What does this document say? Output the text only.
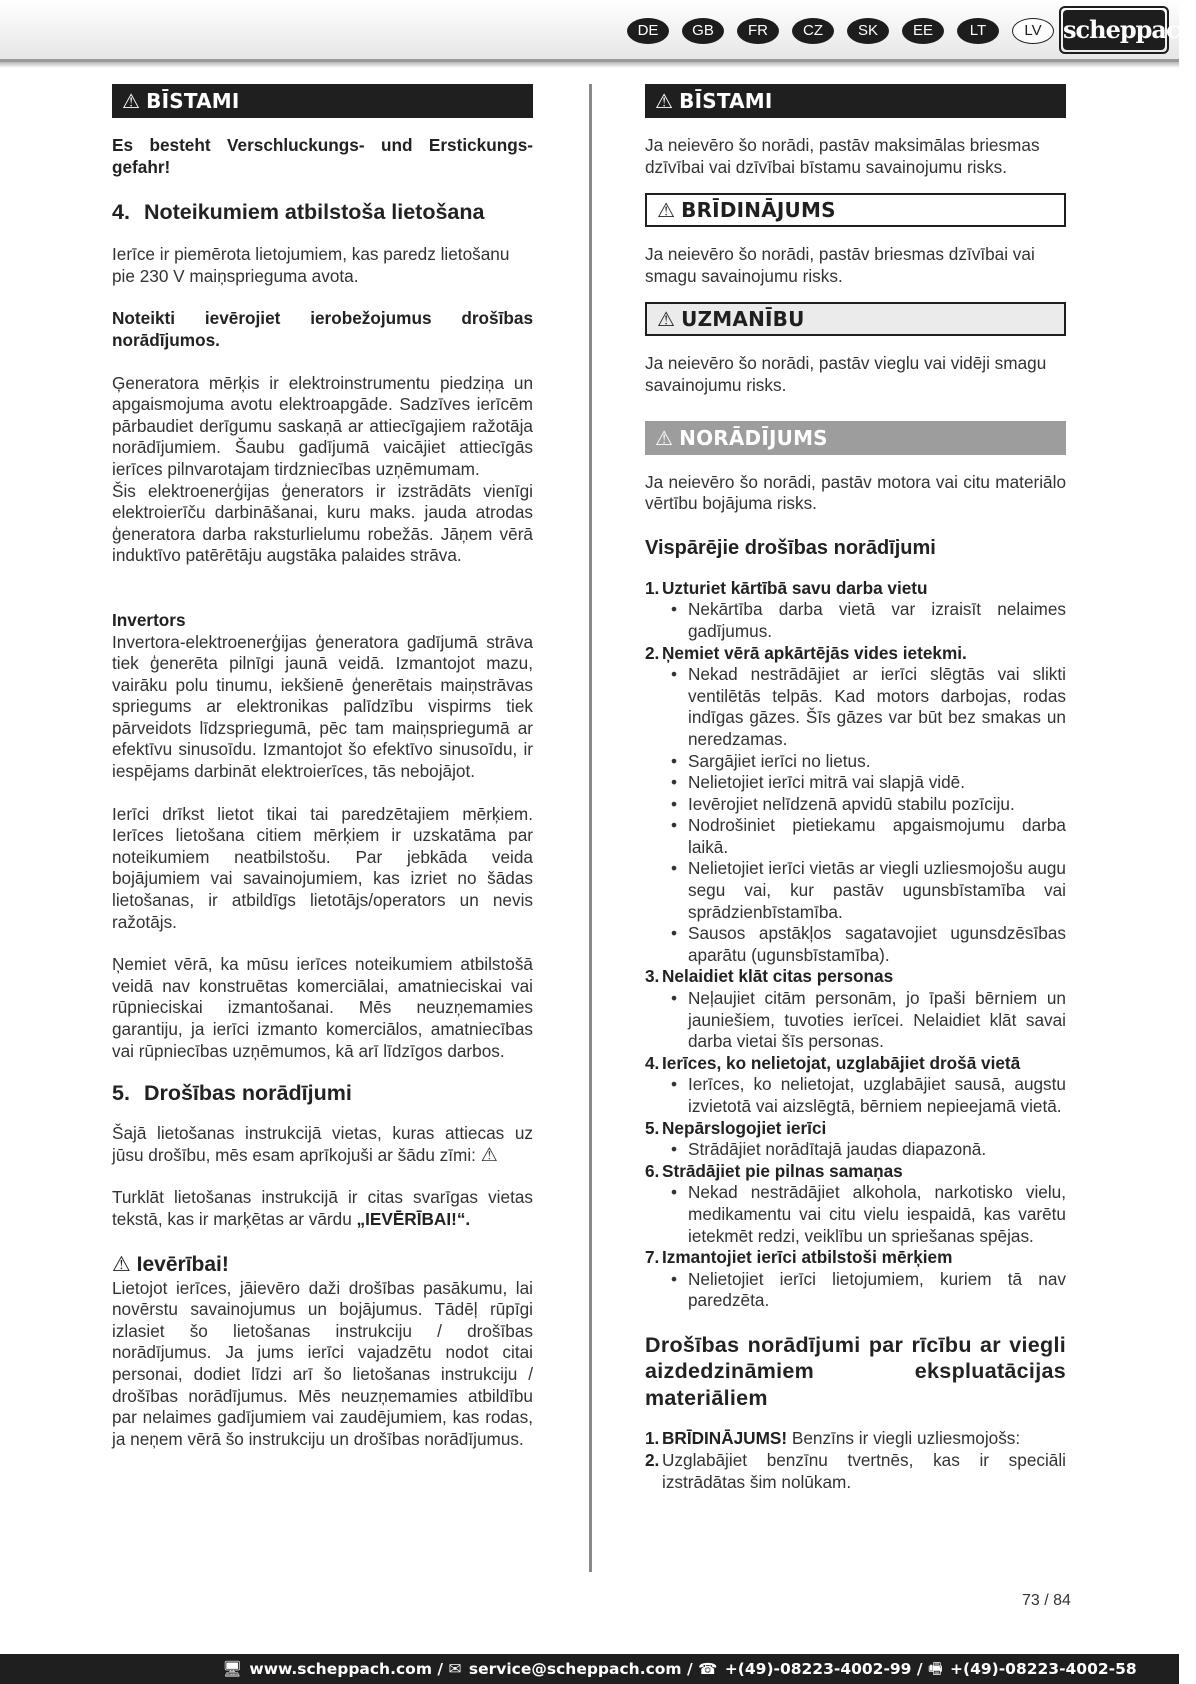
DE	GB	FR	CZ	SK	EE	LT	LV scheppach
⚠ BĪSTAMI

Es besteht Verschluckungs- und Erstickungs-gefahr!

4. Noteikumiem atbilstoša lietošana

Ierīce ir piemērota lietojumiem, kas paredz lietošanu pie 230 V maiņsprieguma avota.

Noteikti ievērojiet ierobežojumus drošības norādījumos.

Ģeneratora mērķis ir elektroinstrumentu piedziņa un apgaismojuma avotu elektroapgāde. Sadzīves ierīcēm pārbaudiet derīgumu saskaņā ar attiecīgajiem ražotāja norādījumiem. Šaubu gadījumā vaicājiet attiecīgās ierīces pilnvarotajam tirdzniecības uzņēmumam.

Šis elektroenerģijas ģenerators ir izstrādāts vienīgi elektroierīču darbināšanai, kuru maks. jauda atrodas ģeneratora darba raksturlielumu robežās. Jāņem vērā induktīvo patērētāju augstāka palaides strāva.

Invertors

Invertora-elektroenerģijas ģeneratora gadījumā strāva tiek ģenerēta pilnīgi jaunā veidā. Izmantojot mazu, vairāku polu tinumu, iekšienē ģenerētais maiņstrāvas spriegums ar elektronikas palīdzību vispirms tiek pārveidots līdzspriegumā, pēc tam maiņspriegumā ar efektīvu sinusoīdu. Izmantojot šo efektīvo sinusoīdu, ir iespējams darbināt elektroierīces, tās nebojājot.

Ierīci drīkst lietot tikai tai paredzētajiem mērķiem. Ierīces lietošana citiem mērķiem ir uzskatāma par noteikumiem neatbilstošu. Par jebkāda veida bojājumiem vai savainojumiem, kas izriet no šādas lietošanas, ir atbildīgs lietotājs/operators un nevis ražotājs.

Ņemiet vērā, ka mūsu ierīces noteikumiem atbilstošā veidā nav konstruētas komerciālai, amatnieciskai vai rūpnieciskai izmantošanai. Mēs neuzņemamies garantiju, ja ierīci izmanto komerciālos, amatniecības vai rūpniecības uzņēmumos, kā arī līdzīgos darbos.

5. Drošības norādījumi

Šajā lietošanas instrukcijā vietas, kuras attiecas uz jūsu drošību, mēs esam aprīkojuši ar šādu zīmi: ⚠

Turklāt lietošanas instrukcijā ir citas svarīgas vietas tekstā, kas ir marķētas ar vārdu „IEVĒRĪBAI!“.

⚠ Ievērībai!

Lietojot ierīces, jāievēro daži drošības pasākumu, lai novērstu savainojumus un bojājumus. Tādēļ rūpīgi izlasiet šo lietošanas instrukciju / drošības norādījumus. Ja jums ierīci vajadzētu nodot citai personai, dodiet līdzi arī šo lietošanas instrukciju / drošības norādījumus. Mēs neuzņemamies atbildību par nelaimes gadījumiem vai zaudējumiem, kas rodas, ja neņem vērā šo instrukciju un drošības norādījumus.

⚠ BĪSTAMI

Ja neievēro šo norādi, pastāv maksimālas briesmas dzīvībai vai dzīvībai bīstamu savainojumu risks.

⚠ BRĪDINĀJUMS

Ja neievēro šo norādi, pastāv briesmas dzīvībai vai smagu savainojumu risks.

⚠ UZMANĪBU

Ja neievēro šo norādi, pastāv vieglu vai vidēji smagu savainojumu risks.

⚠ NORĀDĪJUMS

Ja neievēro šo norādi, pastāv motora vai citu materiālo vērtību bojājuma risks.

Vispārējie drošības norādījumi
1. Uzturiet kārtībā savu darba vietu
• Nekārtība darba vietā var izraisīt nelaimes gadījumus.
2. Ņemiet vērā apkārtējās vides ietekmi.
• Nekad nestrādājiet ar ierīci slēgtās vai slikti ventilētās telpās. Kad motors darbojas, rodas indīgas gāzes. Šīs gāzes var būt bez smakas un neredzamas.
• Sargājiet ierīci no lietus.
• Nelietojiet ierīci mitrā vai slapjā vidē.
• Ievērojiet nelīdzenā apvidū stabilu pozīciju.
• Nodrošiniet pietiekamu apgaismojumu darba laikā.
• Nelietojiet ierīci vietās ar viegli uzliesmojošu augu segu vai, kur pastāv ugunsbīstamība vai sprādzienbīstamība.
• Sausos apstākļos sagatavojiet ugunsdzēsības aparātu (ugunsbīstamība).
3. Nelaidiet klāt citas personas
• Neļaujiet citām personām, jo īpaši bērniem un jauniešiem, tuvoties ierīcei. Nelaidiet klāt savai darba vietai šīs personas.
4. Ierīces, ko nelietojat, uzglabājiet drošā vietā
• Ierīces, ko nelietojat, uzglabājiet sausā, augstu izvietotā vai aizslēgtā, bērniem nepieejamā vietā.
5. Nepārslogojiet ierīci
• Strādājiet norādītajā jaudas diapazonā.
6. Strādājiet pie pilnas samaņas
• Nekad nestrādājiet alkohola, narkotisko vielu, medikamentu vai citu vielu iespaidā, kas varētu ietekmēt redzi, veiklību un spriešanas spējas.
7. Izmantojiet ierīci atbilstoši mērķiem
• Nelietojiet ierīci lietojumiem, kuriem tā nav paredzēta.
Drošības norādījumi par rīcību ar viegli aizdedzināmiem ekspluatācijas materiāliem
1. BRĪDINĀJUMS! Benzīns ir viegli uzliesmojošs:
2. Uzglabājiet benzīnu tvertnēs, kas ir speciāli izstrādātas šim nolūkam.
73 / 84
🖥 www.scheppach.com / ✉ service@scheppach.com / ☎ +(49)-08223-4002-99 / 🖷 +(49)-08223-4002-58
